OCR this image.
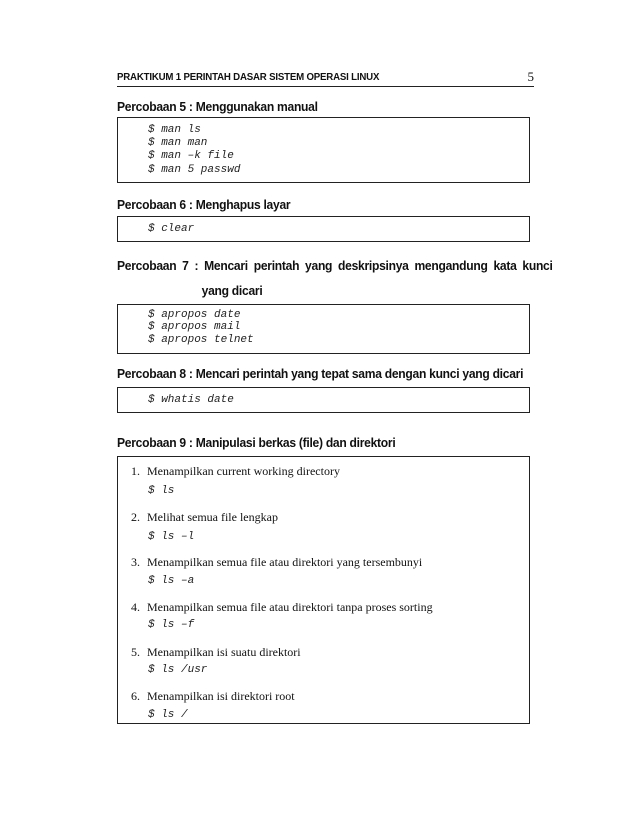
PRAKTIKUM 1 PERINTAH DASAR SISTEM OPERASI LINUX	5
Percobaan 5 : Menggunakan manual
$ man ls
$ man man
$ man –k file
$ man 5 passwd
Percobaan 6 : Menghapus layar
$ clear
Percobaan 7 : Mencari perintah yang deskripsinya mengandung kata kunci
yang dicari
$ apropos date
$ apropos mail
$ apropos telnet
Percobaan 8 : Mencari perintah yang tepat sama dengan kunci yang dicari
$ whatis date
Percobaan 9 : Manipulasi berkas (file) dan direktori
1. Menampilkan current working directory
$ ls
2. Melihat semua file lengkap
$ ls –l
3. Menampilkan semua file atau direktori yang tersembunyi
$ ls –a
4. Menampilkan semua file atau direktori tanpa proses sorting
$ ls –f
5. Menampilkan isi suatu direktori
$ ls /usr
6. Menampilkan isi direktori root
$ ls /
